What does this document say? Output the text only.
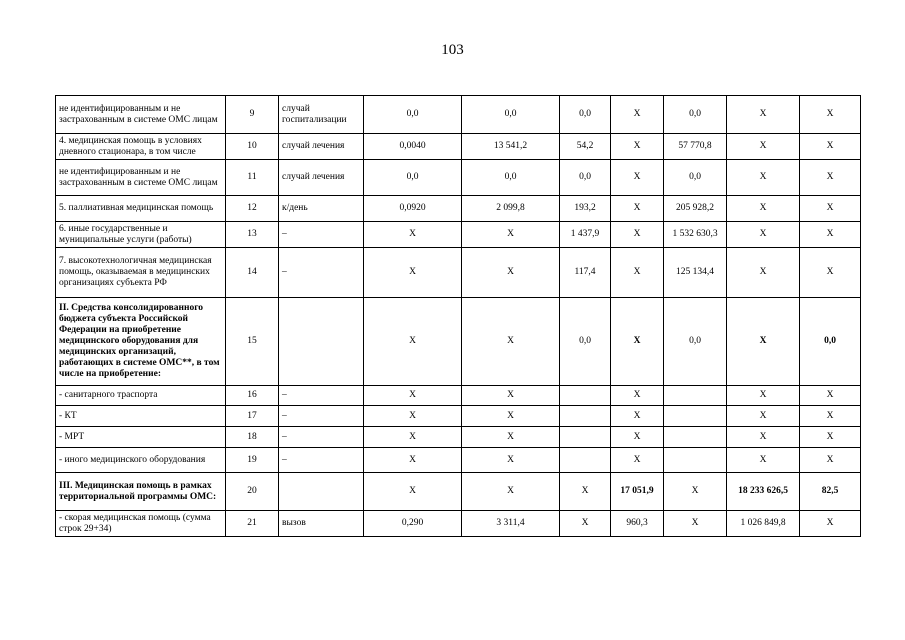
103
не идентифицированным и не застрахованным в системе ОМС лицам	9	случай госпитализации	0,0	0,0	0,0	Х	0,0	Х	Х
4. медицинская помощь в условиях дневного стационара, в том числе	10	случай лечения	0,0040	13 541,2	54,2	Х	57 770,8	Х	Х
не идентифицированным и не застрахованным в системе ОМС лицам	11	случай лечения	0,0	0,0	0,0	Х	0,0	Х	Х
5. паллиативная медицинская помощь	12	к/день	0,0920	2 099,8	193,2	Х	205 928,2	Х	Х
6. иные государственные и муниципальные услуги (работы)	13	–	Х	Х	1 437,9	Х	1 532 630,3	Х	Х
7. высокотехнологичная медицинская помощь, оказываемая в медицинских организациях субъекта РФ	14	–	Х	Х	117,4	Х	125 134,4	Х	Х
II. Средства консолидированного бюджета субъекта Российской Федерации на приобретение медицинского оборудования для медицинских организаций, работающих в системе ОМС**, в том числе на приобретение:	15		Х	Х	0,0	Х	0,0	Х	0,0
- санитарного траспорта	16	–	Х	Х		Х		Х	Х
- КТ	17	–	Х	Х		Х		Х	Х
- МРТ	18	–	Х	Х		Х		Х	Х
- иного медицинского оборудования	19	–	Х	Х		Х		Х	Х
III. Медицинская помощь в рамках территориальной программы ОМС:	20		Х	Х	Х	17 051,9	Х	18 233 626,5	82,5
- скорая медицинская помощь (сумма строк 29+34)	21	вызов	0,290	3 311,4	Х	960,3	Х	1 026 849,8	Х
